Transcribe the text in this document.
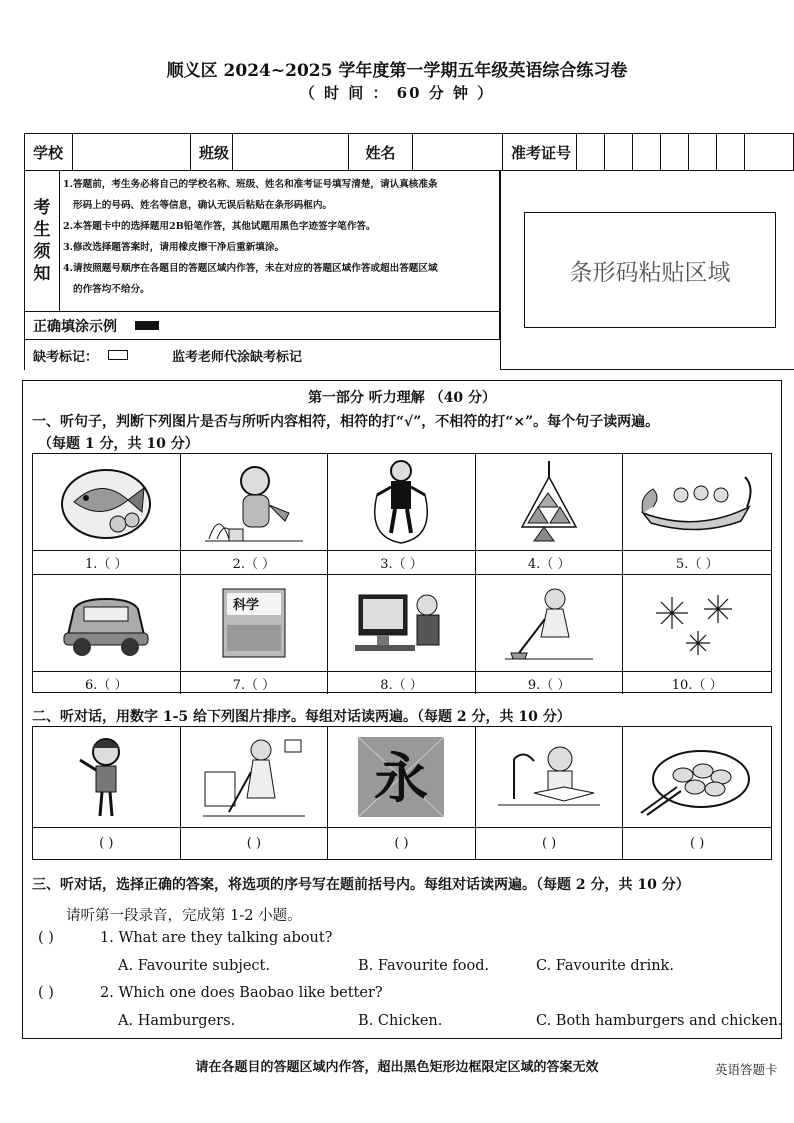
顺义区 2024~2025 学年度第一学期五年级英语综合练习卷
（ 时 间 ： 60 分 钟 ）
学校	班级	姓名	准考证号
考
生
须
知

1.答题前，考生务必将自己的学校名称、班级、姓名和准考证号填写清楚，请认真核准条

形码上的号码、姓名等信息，确认无误后粘贴在条形码框内。

2.本答题卡中的选择题用2B铅笔作答，其他试题用黑色字迹签字笔作答。

3.修改选择题答案时，请用橡皮擦干净后重新填涂。

4.请按照题号顺序在各题目的答题区域内作答，未在对应的答题区域作答或超出答题区域

的作答均不给分。

条形码粘贴区域
正确填涂示例
缺考标记：	监考老师代涂缺考标记
第一部分 听力理解 （40 分）
一、听句子，判断下列图片是否与所听内容相符，相符的打“√”，不相符的打“×”。每个句子读两遍。
（每题 1 分，共 10 分）
1.（ ）	2.（ ）	3.（ ）	4.（ ）	5.（ ）
科学
6.（ ）	7.（ ）	8.（ ）	9.（ ）	10.（ ）
二、听对话，用数字 1-5 给下列图片排序。每组对话读两遍。（每题 2 分，共 10 分）
永
( )	( )	( )	( )	( )
三、听对话，选择正确的答案，将选项的序号写在题前括号内。每组对话读两遍。（每题 2 分，共 10 分）
请听第一段录音，完成第 1-2 小题。
( )	1. What are they talking about?
A. Favourite subject.	B. Favourite food.	C. Favourite drink.
( )	2. Which one does Baobao like better?
A. Hamburgers.	B. Chicken.	C. Both hamburgers and chicken.
请在各题目的答题区域内作答，超出黑色矩形边框限定区域的答案无效	英语答题卡
